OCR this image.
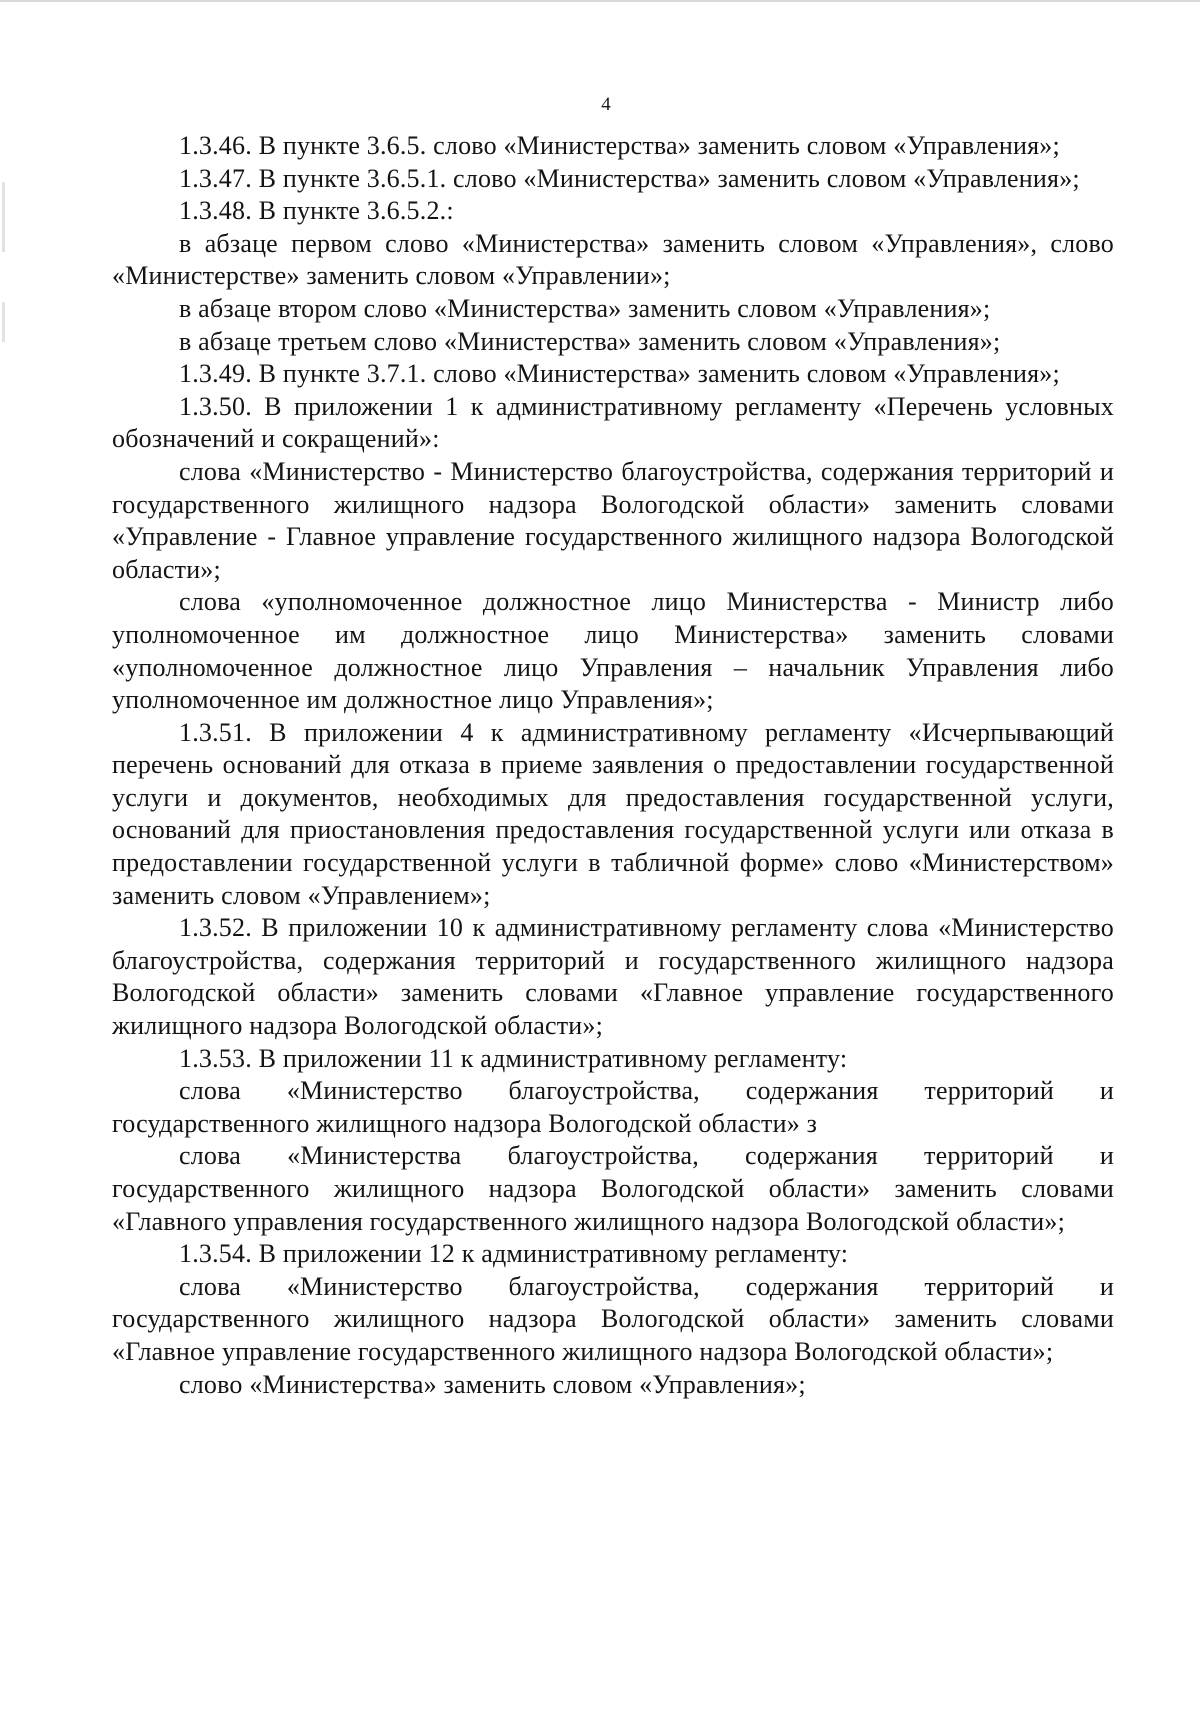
4

1.3.46. В пункте 3.6.5. слово «Министерства» заменить словом «Управления»;

1.3.47. В пункте 3.6.5.1. слово «Министерства» заменить словом «Управления»;

1.3.48. В пункте 3.6.5.2.:

в абзаце первом слово «Министерства» заменить словом «Управления», слово «Министерстве» заменить словом «Управлении»;

в абзаце втором слово «Министерства» заменить словом «Управления»;

в абзаце третьем слово «Министерства» заменить словом «Управления»;

1.3.49. В пункте 3.7.1. слово «Министерства» заменить словом «Управления»;

1.3.50. В приложении 1 к административному регламенту «Перечень условных обозначений и сокращений»:

слова «Министерство - Министерство благоустройства, содержания территорий и государственного жилищного надзора Вологодской области» заменить словами «Управление - Главное управление государственного жилищного надзора Вологодской области»;

слова «уполномоченное должностное лицо Министерства - Министр либо уполномоченное им должностное лицо Министерства» заменить словами «уполномоченное должностное лицо Управления – начальник Управления либо уполномоченное им должностное лицо Управления»;

1.3.51. В приложении 4 к административному регламенту «Исчерпывающий перечень оснований для отказа в приеме заявления о предоставлении государственной услуги и документов, необходимых для предоставления государственной услуги, оснований для приостановления предоставления государственной услуги или отказа в предоставлении государственной услуги в табличной форме» слово «Министерством» заменить словом «Управлением»;

1.3.52. В приложении 10 к административному регламенту слова «Министерство благоустройства, содержания территорий и государственного жилищного надзора Вологодской области» заменить словами «Главное управление государственного жилищного надзора Вологодской области»;

1.3.53. В приложении 11 к административному регламенту:

слова «Министерство благоустройства, содержания территорий и государственного жилищного надзора Вологодской области» з

слова «Министерства благоустройства, содержания территорий и государственного жилищного надзора Вологодской области» заменить словами «Главного управления государственного жилищного надзора Вологодской области»;

1.3.54. В приложении 12 к административному регламенту:

слова «Министерство благоустройства, содержания территорий и государственного жилищного надзора Вологодской области» заменить словами «Главное управление государственного жилищного надзора Вологодской области»;

слово «Министерства» заменить словом «Управления»;
